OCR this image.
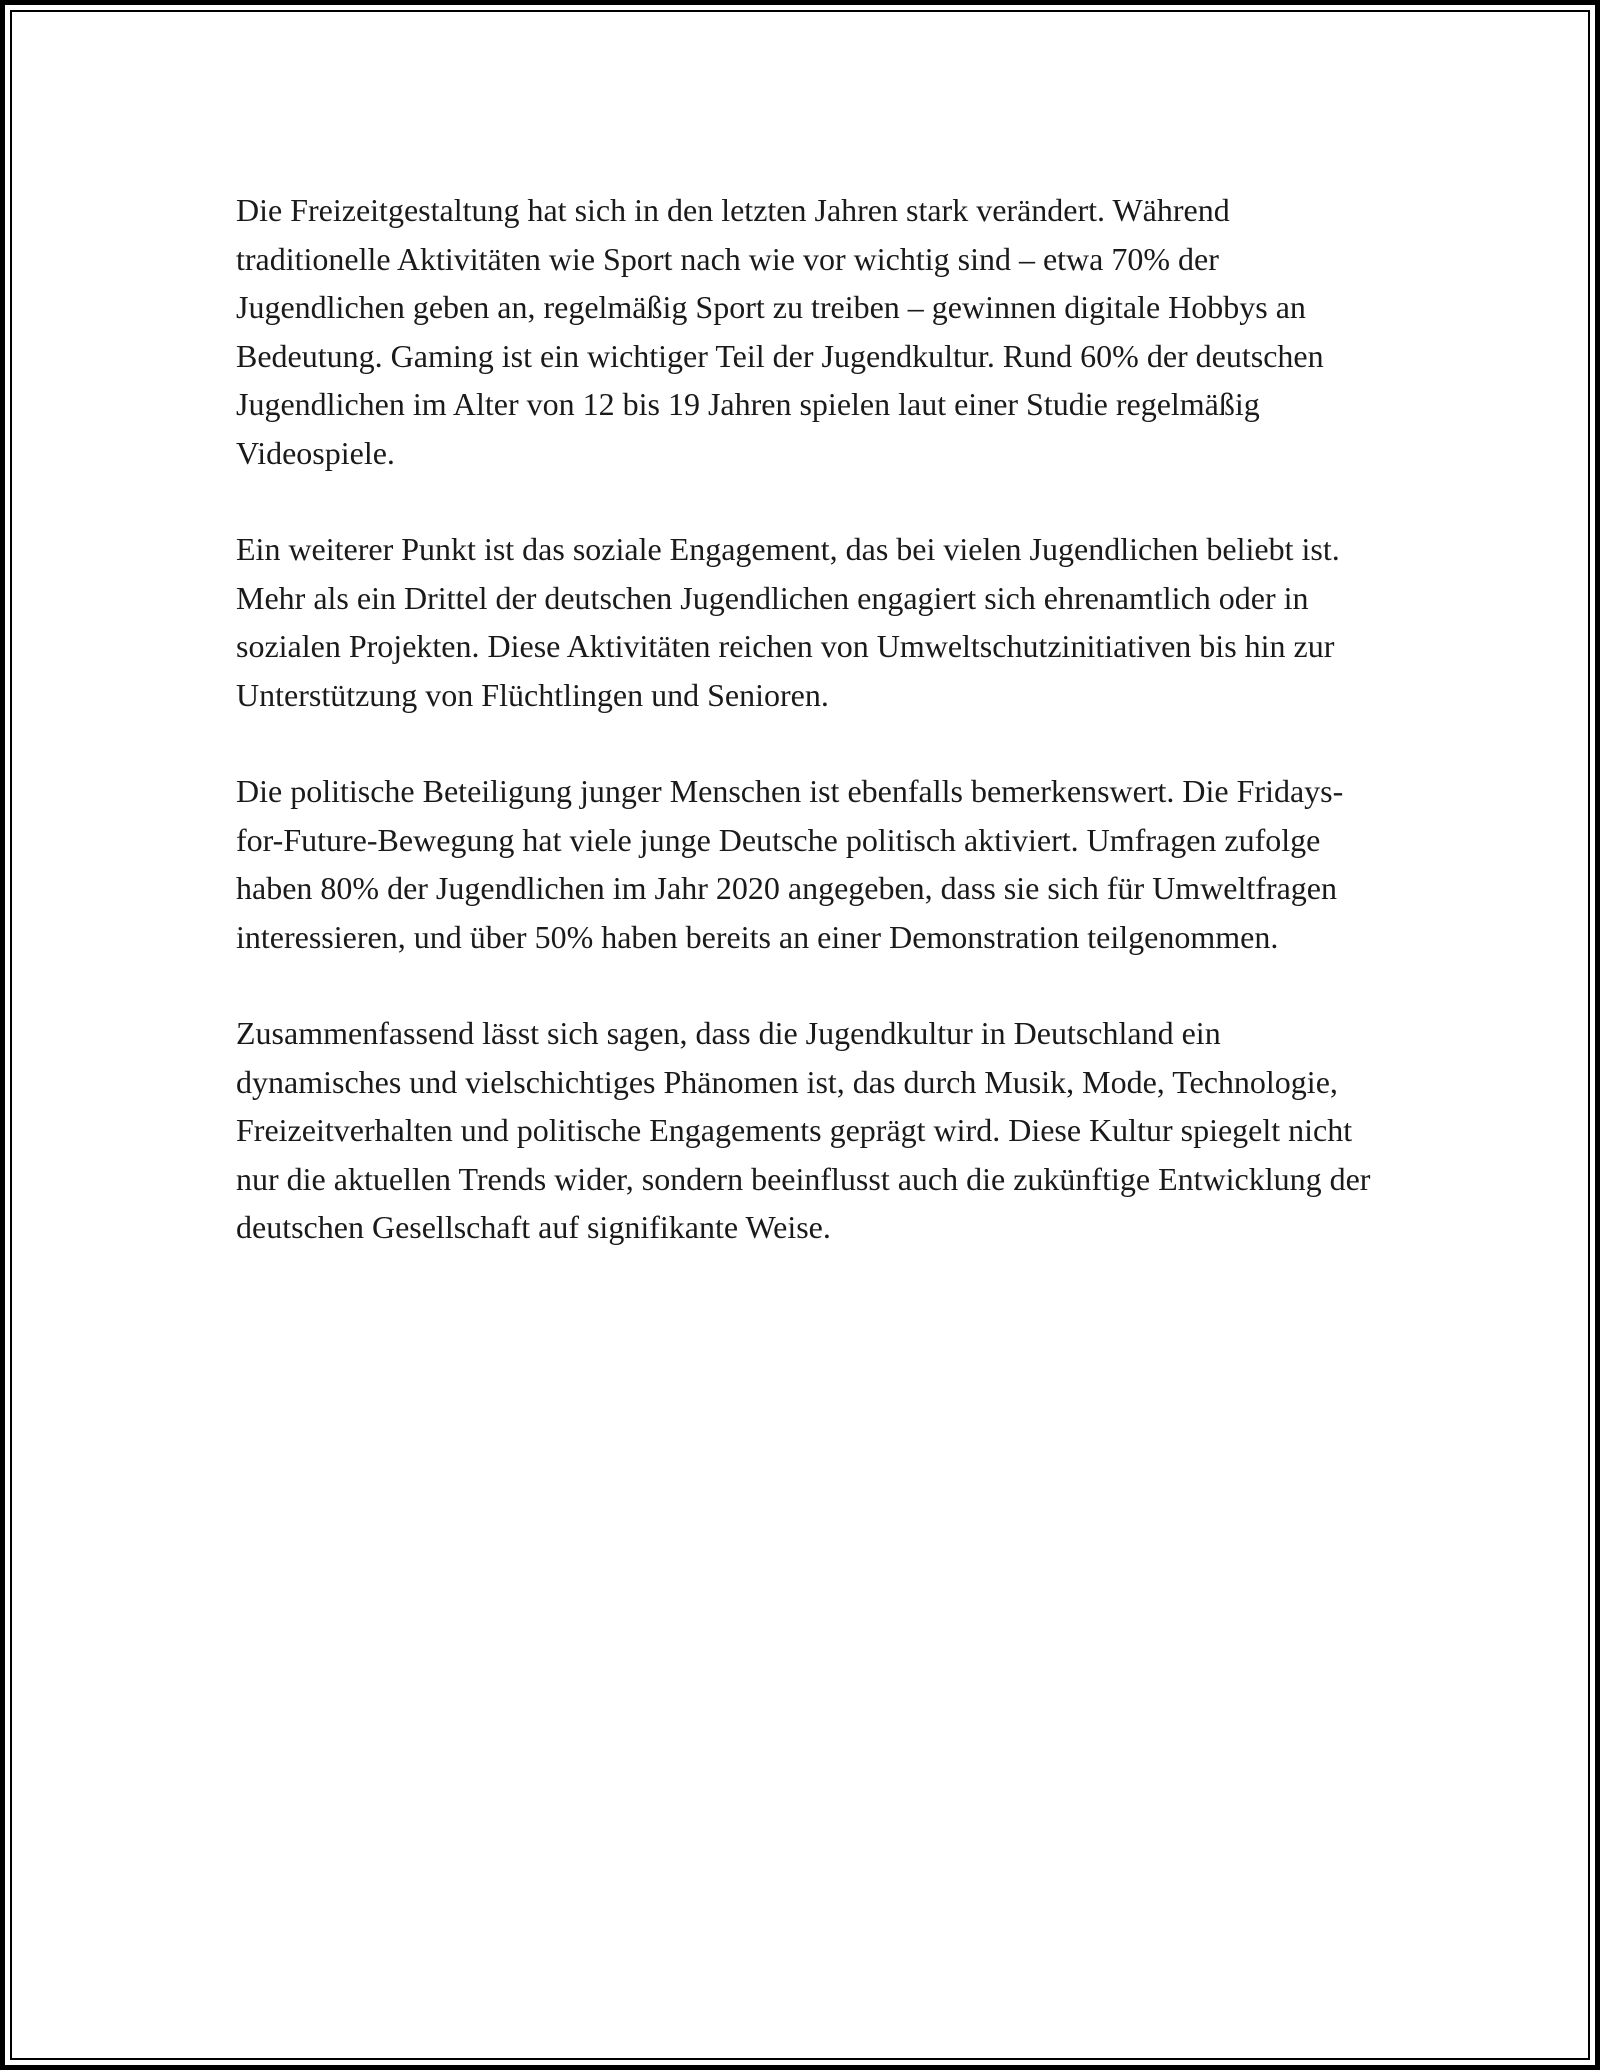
Die Freizeitgestaltung hat sich in den letzten Jahren stark verändert. Während traditionelle Aktivitäten wie Sport nach wie vor wichtig sind – etwa 70% der Jugendlichen geben an, regelmäßig Sport zu treiben – gewinnen digitale Hobbys an Bedeutung. Gaming ist ein wichtiger Teil der Jugendkultur. Rund 60% der deutschen Jugendlichen im Alter von 12 bis 19 Jahren spielen laut einer Studie regelmäßig Videospiele.

Ein weiterer Punkt ist das soziale Engagement, das bei vielen Jugendlichen beliebt ist. Mehr als ein Drittel der deutschen Jugendlichen engagiert sich ehrenamtlich oder in sozialen Projekten. Diese Aktivitäten reichen von Umweltschutzinitiativen bis hin zur Unterstützung von Flüchtlingen und Senioren.

Die politische Beteiligung junger Menschen ist ebenfalls bemerkenswert. Die Fridays-for-Future-Bewegung hat viele junge Deutsche politisch aktiviert. Umfragen zufolge haben 80% der Jugendlichen im Jahr 2020 angegeben, dass sie sich für Umweltfragen interessieren, und über 50% haben bereits an einer Demonstration teilgenommen.

Zusammenfassend lässt sich sagen, dass die Jugendkultur in Deutschland ein dynamisches und vielschichtiges Phänomen ist, das durch Musik, Mode, Technologie, Freizeitverhalten und politische Engagements geprägt wird. Diese Kultur spiegelt nicht nur die aktuellen Trends wider, sondern beeinflusst auch die zukünftige Entwicklung der deutschen Gesellschaft auf signifikante Weise.
